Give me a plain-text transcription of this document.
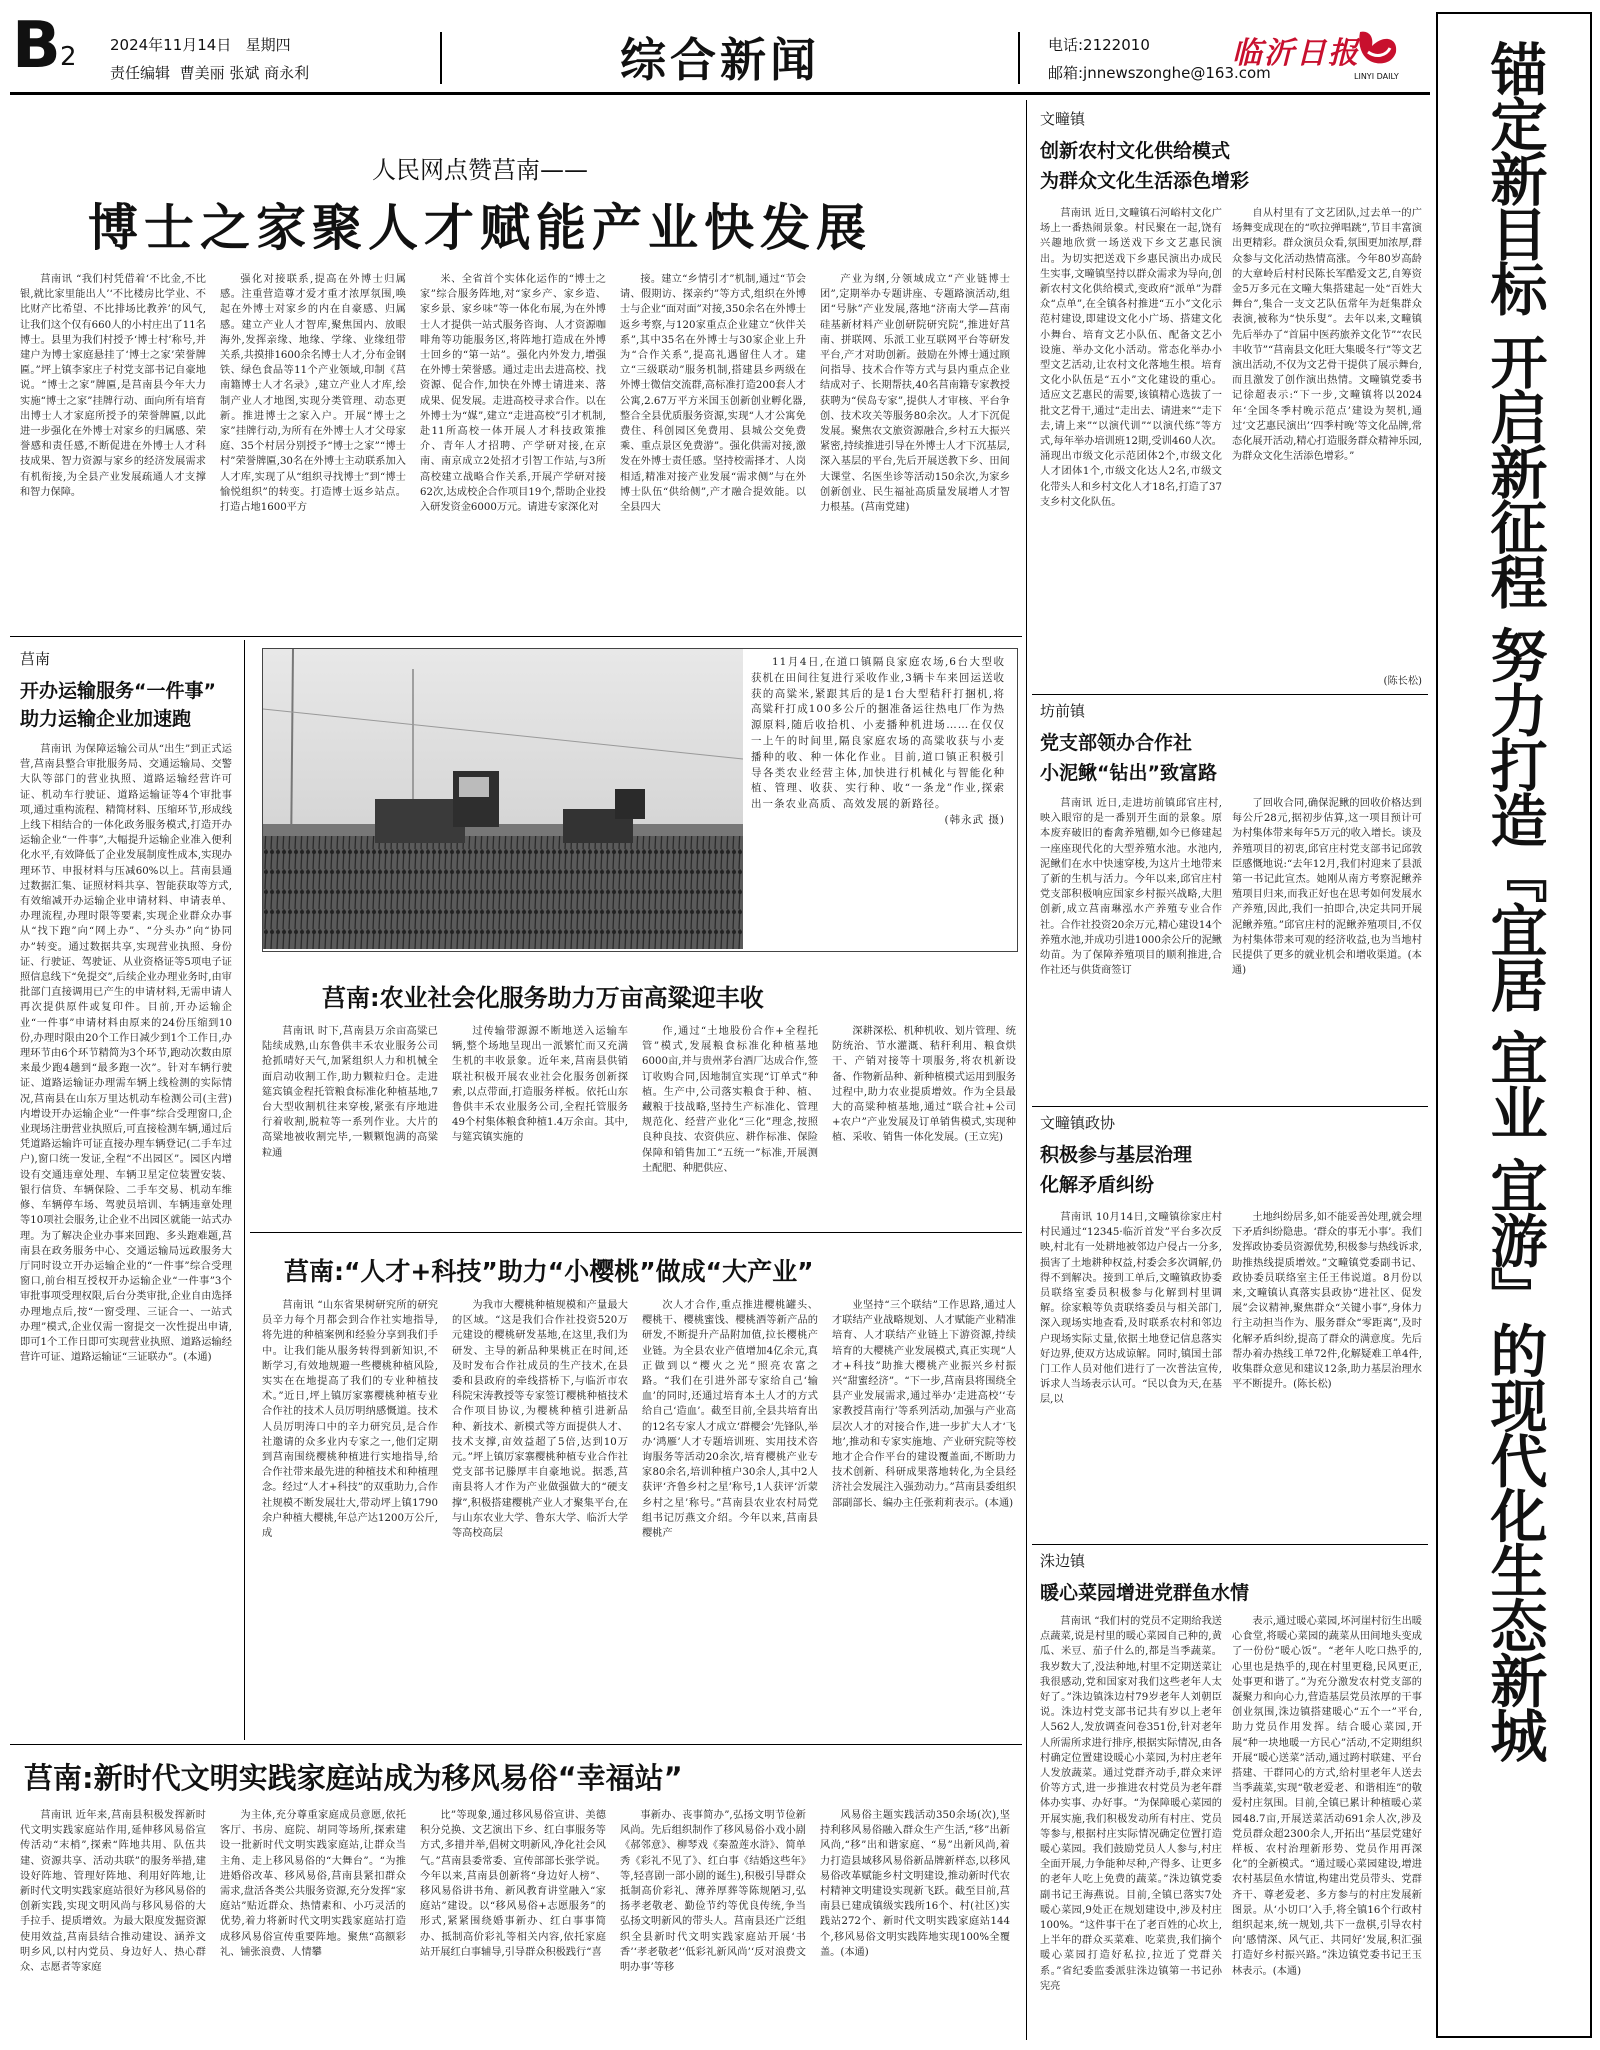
B 2 2024年11月14日 星期四
责任编辑 曹美丽 张斌 商永利	综合新闻	电话:2122010
邮箱:jnnewszonghe@163.com
临沂日报
LINYI DAILY 锚定新目标 开启新征程 努力打造『宜居 宜业 宜游』的现代化生态新城
人民网点赞莒南——
博士之家聚人才赋能产业快发展

莒南讯 “我们村凭借着‘不比金,不比银,就比家里能出人’‘不比楼房比学业、不比财产比希望、不比排场比教养’的风气,让我们这个仅有660人的小村庄出了11名博士。县里为我们村授予‘博士村’称号,并建户为博士家庭悬挂了‘博士之家’荣誉牌匾。”坪上镇李家庄子村党支部书记自豪地说。“博士之家”牌匾,是莒南县今年大力实施“博士之家”挂牌行动、面向所有培育出博士人才家庭所授予的荣誉牌匾,以此进一步强化在外博士对家乡的归属感、荣誉感和责任感,不断促进在外博士人才科技成果、智力资源与家乡的经济发展需求有机衔接,为全县产业发展疏通人才支撑和智力保障。

强化对接联系,提高在外博士归属感。注重营造尊才爱才重才浓厚氛围,唤起在外博士对家乡的内在自豪感、归属感。建立产业人才智库,聚焦国内、放眼海外,发挥亲缘、地缘、学缘、业缘纽带关系,共摸排1600余名博士人才,分布金钢铁、绿色食品等11个产业领域,印制《莒南籍博士人才名录》,建立产业人才库,绘制产业人才地图,实现分类管理、动态更新。推进博士之家入户。开展“博士之家”挂牌行动,为所有在外博士人才父母家庭、35个村居分别授予“博士之家”“博士村”荣誉牌匾,30名在外博士主动联系加入人才库,实现了从“组织寻找博士”到“博士愉悦组织”的转变。打造博士返乡站点。打造占地1600平方

米、全省首个实体化运作的“博士之家”综合服务阵地,对“家乡产、家乡造、家乡景、家乡味”等一体化布展,为在外博士人才提供一站式服务咨询、人才资源咖啡角等功能服务区,将阵地打造成在外博士回乡的“第一站”。强化内外发力,增强在外博士荣誉感。通过走出去进高校、找资源、促合作,加快在外博士请进来、落成果、促发展。走进高校寻求合作。以在外博士为“媒”,建立“走进高校”引才机制,赴11所高校一体开展人才科技政策推介、青年人才招聘、产学研对接,在京南、南京成立2处招才引智工作站,与3所高校建立战略合作关系,开展产学研对接62次,达成校企合作项目19个,帮助企业投入研发资金6000万元。请进专家深化对

接。建立“乡情引才”机制,通过“节会请、假期访、探亲约”等方式,组织在外博士与企业“面对面”对接,350余名在外博士返乡考察,与120家重点企业建立“伙伴关系”,其中35名在外博士与30家企业上升为“合作关系”,提高礼遇留住人才。建立“三级联动”服务机制,搭建县乡两级在外博士微信交流群,高标准打造200套人才公寓,2.67万平方米国玉创新创业孵化器,整合全县优质服务资源,实现“人才公寓免费住、科创园区免费用、县城公交免费乘、重点景区免费游”。强化供需对接,激发在外博士责任感。坚持校需择才、人岗相适,精准对接产业发展“需求侧”与在外博士队伍“供给侧”,产才融合提效能。以全县四大

产业为纲,分领域成立“产业链博士团”,定期举办专题讲座、专题路演活动,组团“号脉”产业发展,落地“济南大学—莒南硅基新材料产业创研院研究院”,推进好莒南、拼联网、乐派工业互联网平台等研发平台,产才对助创新。鼓励在外博士通过顾问指导、技术合作等方式与县内重点企业结成对子、长期帮扶,40名莒南籍专家教授获聘为“侯岛专家”,提供人才审核、平台争创、技术攻关等服务80余次。人才下沉促发展。聚焦农文旅资源融合,乡村五大振兴紧密,持续推进引导在外博士人才下沉基层,深入基层的平台,先后开展送教下乡、田间大课堂、名医坐诊等活动150余次,为家乡创新创业、民生福祉高质量发展增人才智力根基。(莒南党建)

莒南
开办运输服务“一件事”
助力运输企业加速跑

莒南讯 为保障运输公司从“出生”到正式运营,莒南县整合审批服务局、交通运输局、交警大队等部门的营业执照、道路运输经营许可证、机动车行驶证、道路运输证等4个审批事项,通过重构流程、精简材料、压缩环节,形成线上线下相结合的一体化政务服务模式,打造开办运输企业“一件事”,大幅提升运输企业准入便利化水平,有效降低了企业发展制度性成本,实现办理环节、申报材料与压减60%以上。莒南县通过数据汇集、证照材料共享、智能获取等方式,有效缩减开办运输企业申请材料、申请表单、办理流程,办理时限等要素,实现企业群众办事从“找下跑”向“网上办”、“分头办”向“协同办”转变。通过数据共享,实现营业执照、身份证、行驶证、驾驶证、从业资格证等5项电子证照信息线下“免提交”,后续企业办理业务时,由审批部门直接调用已产生的申请材料,无需申请人再次提供原件或复印件。目前,开办运输企业“一件事”申请材料由原来的24份压缩到10份,办理时限由20个工作日减少到1个工作日,办理环节由6个环节精简为3个环节,跑动次数由原来最少跑4趟到“最多跑一次”。针对车辆行驶证、道路运输证办理需车辆上线检测的实际情况,莒南县在山东万里达机动车检测公司(主营)内增设开办运输企业“一件事”综合受理窗口,企业现场注册营业执照后,可直接检测车辆,通过后凭道路运输许可证直接办理车辆登记(二手车过户),窗口统一发证,全程“不出园区”。园区内增设有交通违章处理、车辆卫星定位装置安装、银行信贷、车辆保险、二手车交易、机动车维修、车辆停车场、驾驶员培训、车辆违章处理等10项社会服务,让企业不出园区就能一站式办理。为了解决企业办事来回跑、多头跑难题,莒南县在政务服务中心、交通运输局远政服务大厅同时设立开办运输企业的“一件事”综合受理窗口,前台相互授权开办运输企业“一件事”3个审批事项受理权限,后台分类审批,企业自由选择办理地点后,按“一窗受理、三证合一、一站式办理”模式,企业仅需一窗提交一次性提出申请,即可1个工作日即可实现营业执照、道路运输经营许可证、道路运输证“三证联办”。(本通)

11月4日,在道口镇隔良家庭农场,6台大型收获机在田间往复进行采收作业,3辆卡车来回运送收获的高粱米,紧跟其后的是1台大型秸秆打捆机,将高粱秆打成100多公斤的捆准备运往热电厂作为热源原料,随后收拾机、小麦播种机进场……在仅仅一上午的时间里,隔良家庭农场的高粱收获与小麦播种的收、种一体化作业。目前,道口镇正积极引导各类农业经营主体,加快进行机械化与智能化种植、管理、收获、实行种、收“一条龙”作业,探索出一条农业高质、高效发展的新路径。

(韩永武 摄)
莒南:农业社会化服务助力万亩高粱迎丰收

莒南讯 时下,莒南县万余亩高粱已陆续成熟,山东鲁供丰禾农业服务公司抢抓晴好天气,加紧组织人力和机械全面启动收割工作,助力颗粒归仓。走进筵宾镇金程托管粮食标准化种植基地,7台大型收割机往来穿梭,紧张有序地进行着收割,脱粒等一系列作业。大片的高粱地被收割完毕,一颗颗饱满的高粱粒通

过传输带源源不断地送入运输车辆,整个场地呈现出一派繁忙而又充满生机的丰收景象。近年来,莒南县供销联社积极开展农业社会化服务创新探索,以点带面,打造服务样板。依托山东鲁供丰禾农业服务公司,全程托管服务49个村集体粮食种植1.4万余亩。其中,与筵宾镇实施的

作,通过“土地股份合作+全程托管”模式,发展粮食标准化种植基地6000亩,并与贵州茅台酒厂达成合作,签订收购合同,因地制宜实现“订单式”种植。生产中,公司落实粮食于种、植、藏粮于技战略,坚持生产标准化、管理规范化、经营产业化“三化”理念,按照良种良技、农资供应、耕作标准、保险保障和销售加工“五统一”标准,开展测土配肥、种肥供应、

深耕深松、机种机收、划片管理、统防统治、节水灌溉、秸秆利用、粮食烘干、产销对接等十项服务,将农机新设备、作物新品种、新种植模式运用到服务过程中,助力农业提质增效。作为全县最大的高粱种植基地,通过“联合社+公司+农户”产业发展及订单销售模式,实现种植、采收、销售一体化发展。(王立宪)

莒南:“人才+科技”助力“小樱桃”做成“大产业”

莒南讯 “山东省果树研究所的研究员辛力每个月都会到合作社实地指导,将先进的种植案例和经验分享到我们手中。让我们能从服务转得到新知识,不断学习,有效地规避一些樱桃种植风险,实实在在地提高了我们的专业种植技术。”近日,坪上镇厉家寨樱桃种植专业合作社的技术人员厉明纳感慨道。技术人员厉明涛口中的辛力研究员,是合作社邀请的众多业内专家之一,他们定期到莒南围绕樱桃种植进行实地指导,给合作社带来最先进的种植技术和种植理念。经过“人才+科技”的双重助力,合作社规模不断发展壮大,带动坪上镇1790余户种植大樱桃,年总产达1200万公斤,成

为我市大樱桃种植规模和产量最大的区域。“这是我们合作社投资520万元建设的樱桃研发基地,在这里,我们为研发、主导的新品种果桃正在时间,还及时发布合作社成员的生产技术,在县委和县政府的牵线搭桥下,与临沂市农科院宋涛教授等专家签订樱桃种植技术合作项目协议,为樱桃种植引进新品种、新技术、新模式等方面提供人才、技术支撑,亩效益超了5倍,达到10万元。”坪上镇厉家寨樱桃种植专业合作社党支部书记滕厚丰自豪地说。据悉,莒南县将人才作为产业做强做大的“硬支撑”,积极搭建樱桃产业人才聚集平台,在与山东农业大学、鲁东大学、临沂大学等高校高层

次人才合作,重点推进樱桃罐头、樱桃干、樱桃蜜饯、樱桃酒等新产品的研发,不断提升产品附加值,拉长樱桃产业链。为全县农业产值增加4亿余元,真正做到以“樱火之光”照亮农富之路。“我们在引进外部专家给自己‘输血’的同时,还通过培育本土人才的方式给自己‘造血’。截至目前,全县共培育出的12名专家人才成立‘群樱会’先锋队,举办‘鸿雁’人才专题培训班、实用技术咨询服务等活动20余次,培育樱桃产业专家80余名,培训种植户30余人,其中2人获评‘齐鲁乡村之星’称号,1人获评‘沂蒙乡村之星’称号。”莒南县农业农村局党组书记厉燕文介绍。今年以来,莒南县樱桃产

业坚持“三个联结”工作思路,通过人才联结产业战略规划、人才赋能产业精准培育、人才联结产业链上下游资源,持续培育的大樱桃产业发展模式,真正实现“人才+科技”助推大樱桃产业振兴乡村振兴“甜蜜经济”。“下一步,莒南县将围绕全县产业发展需求,通过举办‘走进高校’‘专家教授莒南行’等系列活动,加强与产业高层次人才的对接合作,进一步扩大人才‘飞地’,推动和专家实施地、产业研究院等校地才企合作平台的建设覆盖面,不断助力技术创新、科研成果落地转化,为全县经济社会发展注入强劲动力。”莒南县委组织部副部长、编办主任张莉莉表示。(本通)

莒南:新时代文明实践家庭站成为移风易俗“幸福站”

莒南讯 近年来,莒南县积极发挥新时代文明实践家庭站作用,延伸移风易俗宣传活动“末梢”,探索“阵地共用、队伍共建、资源共享、活动共联”的服务举措,建设好阵地、管理好阵地、利用好阵地,让新时代文明实践家庭站很好为移风易俗的创新实践,实现文明风尚与移风易俗的大手拉手、提质增效。为最大限度发掘资源使用效益,莒南县结合推动建设、涵养文明乡风,以村内党员、身边好人、热心群众、志愿者等家庭

为主体,充分尊重家庭成员意愿,依托客厅、书房、庭院、胡同等场所,探索建设一批新时代文明实践家庭站,让群众当主角、走上移风易俗的“大舞台”。“为推进婚俗改革、移风易俗,莒南县紧扣群众需求,盘活各类公共服务资源,充分发挥“家庭站”贴近群众、热情素和、小巧灵活的优势,着力将新时代文明实践家庭站打造成移风易俗宣传重要阵地。聚焦“高额彩礼、铺张浪费、人情攀

比”等现象,通过移风易俗宣讲、美德积分兑换、文艺演出下乡、红白事服务等方式,多措并举,倡树文明新风,净化社会风气。”莒南县委常委、宣传部部长张学说。今年以来,莒南县创新将“身边好人榜”、移风易俗讲书角、新风教育讲堂融入“家庭站”建设。以“移风易俗+志愿服务”的形式,紧紧围绕婚事新办、红白事事简办、抵制高价彩礼等相关内容,依托家庭站开展红白事辅导,引导群众积极践行“喜

事新办、丧事简办”,弘扬文明节俭新风尚。先后组织制作了移风易俗小戏小剧《郝邻意》、柳琴戏《秦盈莲水浒》、简单秀《彩礼不见了》、红白事《结婚这些年》等,轻喜剧一部小剧的诞生),积极引导群众抵制高价彩礼、薄养厚葬等陈规陋习,弘扬孝老敬老、勤俭节约等优良传统,争当弘扬文明新风的带头人。莒南县还广泛组织全县新时代文明实践家庭站开展‘书香’‘孝老敬老’‘低彩礼新风尚’‘反对浪费文明办事’等移

风易俗主题实践活动350余场(次),坚持利移风易俗融入群众生产生活,“移”出新风尚,“移”出和谐家庭、“易”出新风尚,着力打造县域移风易俗新品牌新样态,以移风易俗改革赋能乡村文明建设,推动新时代农村精神文明建设实现新飞跃。截至目前,莒南县已建成镇级实践所16个、村(社区)实践站272个、新时代文明实践家庭站144个,移风易俗文明实践阵地实现100%全覆盖。(本通)

文疃镇
创新农村文化供给模式
为群众文化生活添色增彩

莒南讯 近日,文疃镇石河峪村文化广场上一番热闹景象。村民聚在一起,饶有兴趣地欣赏一场送戏下乡文艺惠民演出。为切实把送戏下乡惠民演出办成民生实事,文疃镇坚持以群众需求为导向,创新农村文化供给模式,变政府“派单”为群众“点单”,在全镇各村推进“五小”文化示范村建设,即建设文化小广场、搭建文化小舞台、培育文艺小队伍、配备文艺小设施、举办文化小活动。常态化举办小型文艺活动,让农村文化落地生根。培育文化小队伍是“五小”文化建设的重心。适应文艺惠民的需要,该镇精心选拔了一批文艺骨干,通过“走出去、请进来”“走下去,请上来”“以演代训”“以演代练”等方式,每年举办培训班12期,受训460人次。涌现出市级文化示范团体2个,市级文化人才团体1个,市级文化达人2名,市级文化带头人和乡村文化人才18名,打造了37支乡村文化队伍。

自从村里有了文艺团队,过去单一的广场舞变成现在的“吹拉弹唱跳”,节目丰富演出更精彩。群众演员众看,氛围更加浓厚,群众参与文化活动热情高涨。今年80岁高龄的大章岭后村村民陈长军酷爱文艺,自筹资金5万多元在文疃大集搭建起一处“百姓大舞台”,集合一支文艺队伍常年为赶集群众表演,被称为“快乐叟”。去年以来,文疃镇先后举办了“首届中医药旅养文化节”“农民丰收节”“莒南县文化旺大集暖冬行”等文艺演出活动,不仅为文艺骨干提供了展示舞台,而且激发了创作演出热情。文疃镇党委书记徐超表示:“下一步,文疃镇将以2024年‘全国冬季村晚示范点’建设为契机,通过‘文艺惠民演出’‘四季村晚’等文化品牌,常态化展开活动,精心打造服务群众精神乐园,为群众文化生活添色增彩。”

(陈长松)
坊前镇
党支部领办合作社
小泥鳅“钻出”致富路

莒南讯 近日,走进坊前镇邱官庄村,映入眼帘的是一番别开生面的景象。原本废弃破旧的畜禽养殖棚,如今已修建起一座座现代化的大型养殖水池。水池内,泥鳅们在水中快速穿梭,为这片土地带来了新的生机与活力。今年以来,邱官庄村党支部积极响应国家乡村振兴战略,大胆创新,成立莒南琳泓水产养殖专业合作社。合作社投资20余万元,精心建设14个养殖水池,并成功引进1000余公斤的泥鳅幼苗。为了保障养殖项目的顺利推进,合作社还与供货商签订

了回收合同,确保泥鳅的回收价格达到每公斤28元,据初步估算,这一项目预计可为村集体带来每年5万元的收入增长。谈及养殖项目的初衷,邱官庄村党支部书记邱敦臣感慨地说:“去年12月,我们村迎来了县派第一书记此宣杰。她刚从南方考察泥鳅养殖项目归来,而我正好也在思考如何发展水产养殖,因此,我们一拍即合,决定共同开展泥鳅养殖。”邱官庄村的泥鳅养殖项目,不仅为村集体带来可观的经济收益,也为当地村民提供了更多的就业机会和增收渠道。(本通)

文疃镇政协
积极参与基层治理
化解矛盾纠纷

莒南讯 10月14日,文疃镇徐家庄村村民通过“12345·临沂首发”平台多次反映,村北有一处耕地被邻边户侵占一分多,损害了土地耕种权益,村委会多次调解,仍得不到解决。接到工单后,文疃镇政协委员联络室委员积极参与化解到村里调解。徐家粮等负责联络委员与相关部门,深入现场实地查看,及时联系农村和邻边户现场实际丈量,依据土地登记信息落实好边界,使双方达成谅解。同时,镇国土部门工作人员对他们进行了一次普法宣传,诉求人当场表示认可。“民以食为天,在基层,以

土地纠纷居多,如不能妥善处理,就会埋下矛盾纠纷隐患。‘群众的事无小事’。我们发挥政协委员资源优势,积极参与热线诉求,助推热线提质增效。”文疃镇党委副书记、政协委员联络室主任王伟说道。8月份以来,文疃镇认真落实县政协“进社区、促发展”会议精神,聚焦群众“关键小事”,身体力行主动担当作为、服务群众“零距离”,及时化解矛盾纠纷,提高了群众的满意度。先后帮办着办热线工单72件,化解疑难工单4件,收集群众意见和建议12条,助力基层治理水平不断提升。(陈长松)

洙边镇
暖心菜园增进党群鱼水情

莒南讯 “我们村的党员不定期给我送点蔬菜,说是村里的暖心菜园自己种的,黄瓜、米豆、茄子什么的,都是当季蔬菜。我岁数大了,没法种地,村里不定期送菜让我很感动,党和国家对我们这些老年人太好了。”洙边镇洙边村79岁老年人刘朝臣说。洙边村党支部书记共有岁以上老年人562人,发放调查问卷351份,针对老年人所需所求进行排序,根据实际情况,由各村确定位置建设暖心小菜园,为村庄老年人发放蔬菜。通过党群齐动手,群众来评价等方式,进一步推进农村党员为老年群体办实事、办好事。“为保障暖心菜园的开展实施,我们积极发动所有村庄、党员等参与,根据村庄实际情况确定位置打造暖心菜园。我们鼓励党员人人参与,村庄全面开展,力争能种尽种,产得多、让更多的老年人吃上免费的蔬菜。”洙边镇党委副书记王海燕说。目前,全镇已落实7处暖心菜园,9处正在规划建设中,涉及村庄100%。“这件事干在了老百姓的心坎上,上半年的群众买菜难、吃菜贵,我们摘个暖心菜园打造好私拉,拉近了党群关系。”省纪委监委派驻洙边镇第一书记孙宪亮

表示,通过暖心菜园,坏河崖村衍生出暖心食堂,将暖心菜园的蔬菜从田间地头变成了一份份“暖心饭”。“老年人吃口热乎的,心里也是热乎的,现在村里更稳,民风更正,处事更和谐了。”为充分激发农村党支部的凝聚力和向心力,营造基层党员浓厚的干事创业氛围,洙边镇搭建暖心“五个一”平台,助力党员作用发挥。结合暖心菜园,开展“种一块地暖一方民心”活动,不定期组织开展“暖心送菜”活动,通过跨村联建、平台搭建、干群同心的方式,给村里老年人送去当季蔬菜,实现“敬老爱老、和谐相连”的敬爱村庄氛围。目前,全镇已累计种植暖心菜园48.7亩,开展送菜活动691余人次,涉及党员群众超2300余人,开拓出“基层党建好样板、农村治理新形势、党员作用再深化”的全新模式。“通过暖心菜园建设,增进农村基层鱼水情谊,构建出党员带头、党群齐干、尊老爱老、多方参与的村庄发展新图景。从‘小切口’入手,将全镇16个行政村组织起来,统一规划,共下一盘棋,引导农村向‘感情深、风气正、共同好’发展,积汇强打造好乡村振兴路。”洙边镇党委书记王玉林表示。(本通)
